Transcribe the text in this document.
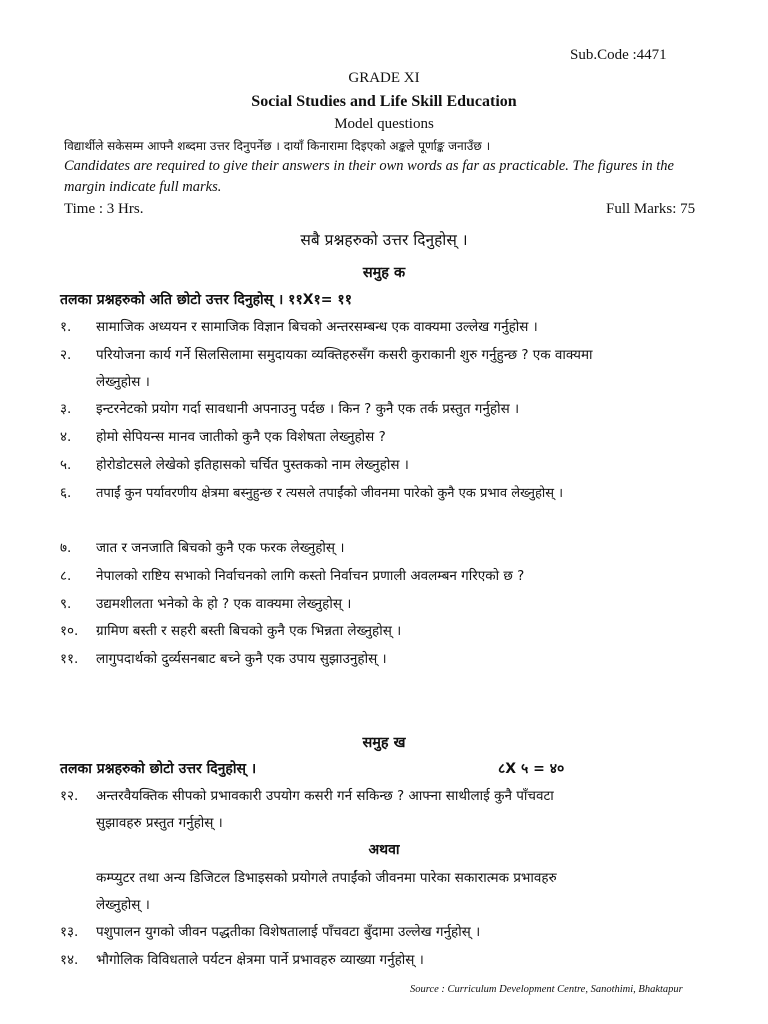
Sub.Code :4471
GRADE XI
Social Studies and Life Skill Education
Model questions
विद्यार्थीले सकेसम्म आफ्नै शब्दमा उत्तर दिनुपर्नेछ । दायाँ किनारामा दिइएको अङ्कले पूर्णाङ्क जनाउँछ ।
Candidates are required to give their answers in their own words as far as practicable. The figures in the
margin indicate full marks.
Time : 3 Hrs.	Full Marks: 75
सबै प्रश्नहरुको उत्तर दिनुहोस् ।
समुह क
तलका प्रश्नहरुको अति छोटो उत्तर दिनुहोस् । ११X१= ११
१. सामाजिक अध्ययन र सामाजिक विज्ञान बिचको अन्तरसम्बन्ध एक वाक्यमा उल्लेख गर्नुहोस ।
२. परियोजना कार्य गर्ने सिलसिलामा समुदायका व्यक्तिहरुसँग कसरी कुराकानी शुरु गर्नुहुन्छ ? एक वाक्यमा
लेख्नुहोस ।
३. इन्टरनेटको प्रयोग गर्दा सावधानी अपनाउनु पर्दछ । किन ? कुनै एक तर्क प्रस्तुत गर्नुहोस ।
४. होमो सेपियन्स मानव जातीको कुनै एक विशेषता लेख्नुहोस ?
५. होरोडोटसले लेखेको इतिहासको चर्चित पुस्तकको नाम लेख्नुहोस ।
६. तपाईं कुन पर्यावरणीय क्षेत्रमा बस्नुहुन्छ र त्यसले तपाईंको जीवनमा पारेको कुनै एक प्रभाव लेख्नुहोस् ।
७. जात र जनजाति बिचको कुनै एक फरक लेख्नुहोस् ।
८. नेपालको राष्टिय सभाको निर्वाचनको लागि कस्तो निर्वाचन प्रणाली अवलम्बन गरिएको छ ?
९. उद्यमशीलता भनेको के हो ? एक वाक्यमा लेख्नुहोस् ।
१०. ग्रामिण बस्ती र सहरी बस्ती बिचको कुनै एक भिन्नता लेख्नुहोस् ।
११. लागुपदार्थको दुर्व्यसनबाट बच्ने कुनै एक उपाय सुझाउनुहोस् ।
समुह ख
तलका प्रश्नहरुको छोटो उत्तर दिनुहोस् ।	८X ५ = ४०
१२. अन्तरवैयक्तिक सीपको प्रभावकारी उपयोग कसरी गर्न सकिन्छ ? आफ्ना साथीलाई कुनै पाँचवटा
सुझावहरु प्रस्तुत गर्नुहोस् ।
अथवा
कम्प्युटर तथा अन्य डिजिटल डिभाइसको प्रयोगले तपाईंको जीवनमा पारेका सकारात्मक प्रभावहरु
लेख्नुहोस् ।
१३. पशुपालन युगको जीवन पद्धतीका विशेषतालाई पाँचवटा बुँदामा उल्लेख गर्नुहोस् ।
१४. भौगोलिक विविधताले पर्यटन क्षेत्रमा पार्ने प्रभावहरु व्याख्या गर्नुहोस् ।
Source : Curriculum Development Centre, Sanothimi, Bhaktapur
